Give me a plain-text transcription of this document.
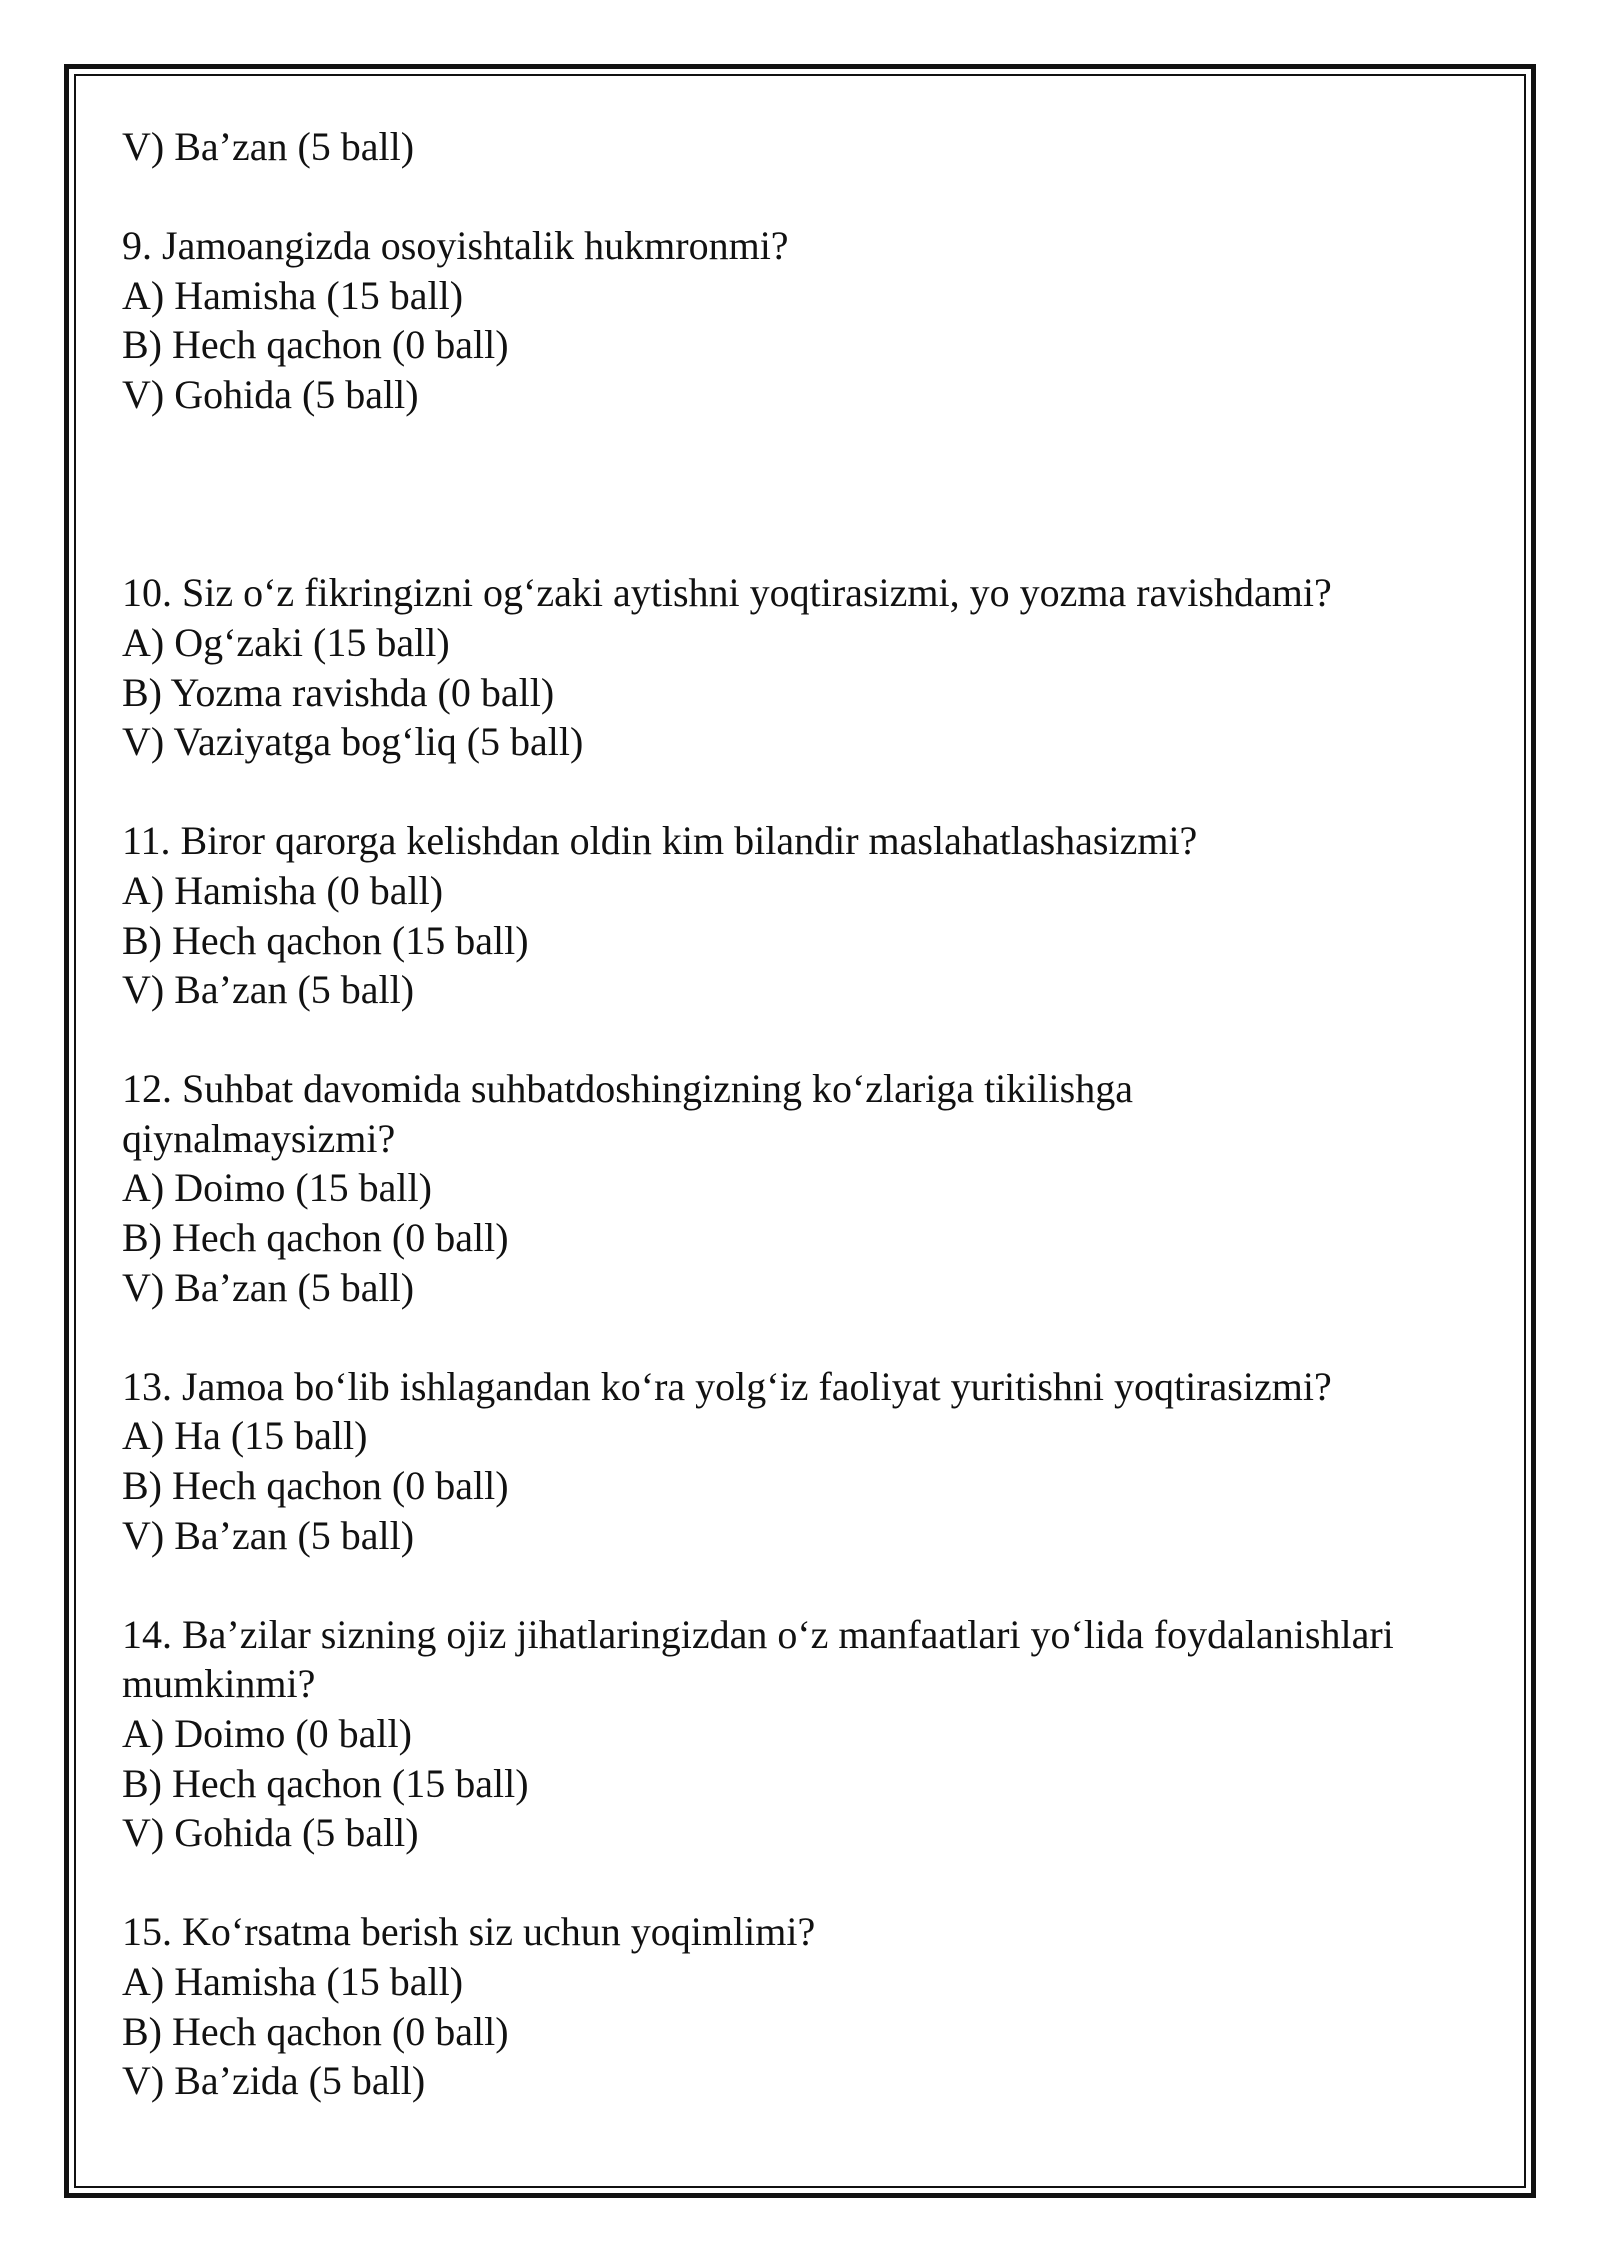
V) Ba’zan (5 ball)
9. Jamoangizda osoyishtalik hukmronmi?
A) Hamisha (15 ball)
B) Hech qachon (0 ball)
V) Gohida (5 ball)
10. Siz o‘z fikringizni og‘zaki aytishni yoqtirasizmi, yo yozma ravishdami?
A) Og‘zaki (15 ball)
B) Yozma ravishda (0 ball)
V) Vaziyatga bog‘liq (5 ball)
11. Biror qarorga kelishdan oldin kim bilandir maslahatlashasizmi?
A) Hamisha (0 ball)
B) Hech qachon (15 ball)
V) Ba’zan (5 ball)
12. Suhbat davomida suhbatdoshingizning ko‘zlariga tikilishga qiynalmaysizmi?
A) Doimo (15 ball)
B) Hech qachon (0 ball)
V) Ba’zan (5 ball)
13. Jamoa bo‘lib ishlagandan ko‘ra yolg‘iz faoliyat yuritishni yoqtirasizmi?
A) Ha (15 ball)
B) Hech qachon (0 ball)
V) Ba’zan (5 ball)
14. Ba’zilar sizning ojiz jihatlaringizdan o‘z manfaatlari yo‘lida foydalanishlari mumkinmi?
A) Doimo (0 ball)
B) Hech qachon (15 ball)
V) Gohida (5 ball)
15. Ko‘rsatma berish siz uchun yoqimlimi?
A) Hamisha (15 ball)
B) Hech qachon (0 ball)
V) Ba’zida (5 ball)
